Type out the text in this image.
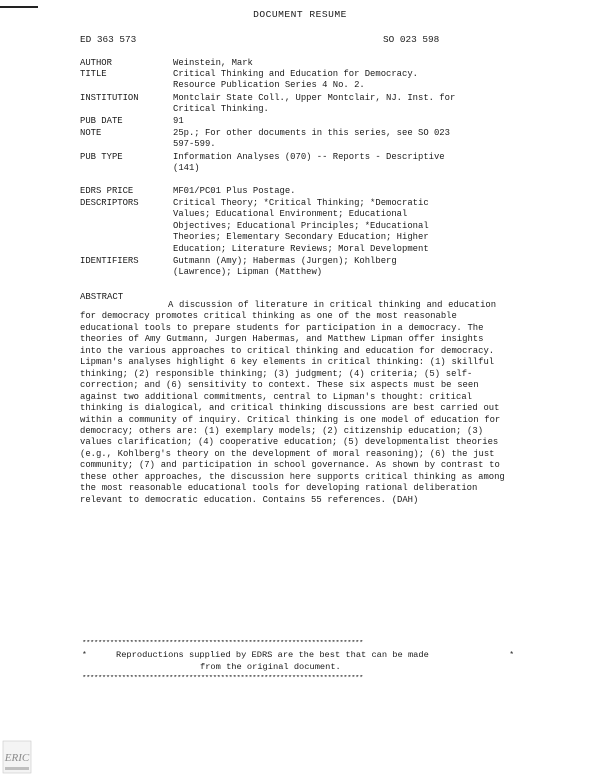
DOCUMENT RESUME
ED 363 573	SO 023 598
AUTHOR	Weinstein, Mark
TITLE	Critical Thinking and Education for Democracy.
Resource Publication Series 4 No. 2.
INSTITUTION	Montclair State Coll., Upper Montclair, NJ. Inst. for
Critical Thinking.
PUB DATE	91
NOTE	25p.; For other documents in this series, see SO 023
597-599.
PUB TYPE	Information Analyses (070) -- Reports - Descriptive
(141)
EDRS PRICE	MF01/PC01 Plus Postage.
DESCRIPTORS	Critical Theory; *Critical Thinking; *Democratic
Values; Educational Environment; Educational
Objectives; Educational Principles; *Educational
Theories; Elementary Secondary Education; Higher
Education; Literature Reviews; Moral Development
IDENTIFIERS	Gutmann (Amy); Habermas (Jurgen); Kohlberg
(Lawrence); Lipman (Matthew)
ABSTRACT
A discussion of literature in critical thinking and education for democracy promotes critical thinking as one of the most reasonable educational tools to prepare students for participation in a democracy. The theories of Amy Gutmann, Jurgen Habermas, and Matthew Lipman offer insights into the various approaches to critical thinking and education for democracy. Lipman's analyses highlight 6 key elements in critical thinking: (1) skillful thinking; (2) responsible thinking; (3) judgment; (4) criteria; (5) self-correction; and (6) sensitivity to context. These six aspects must be seen against two additional commitments, central to Lipman's thought: critical thinking is dialogical, and critical thinking discussions are best carried out within a community of inquiry. Critical thinking is one model of education for democracy; others are: (1) exemplary models; (2) citizenship education; (3) values clarification; (4) cooperative education; (5) developmentalist theories (e.g., Kohlberg's theory on the development of moral reasoning); (6) the just community; (7) and participation in school governance. As shown by contrast to these other approaches, the discussion here supports critical thinking as among the most reasonable educational tools for developing rational deliberation relevant to democratic education. Contains 55 references. (DAH)
***********************************************************************
*	Reproductions supplied by EDRS are the best that can be made
from the original document.
*
***********************************************************************
ERIC
